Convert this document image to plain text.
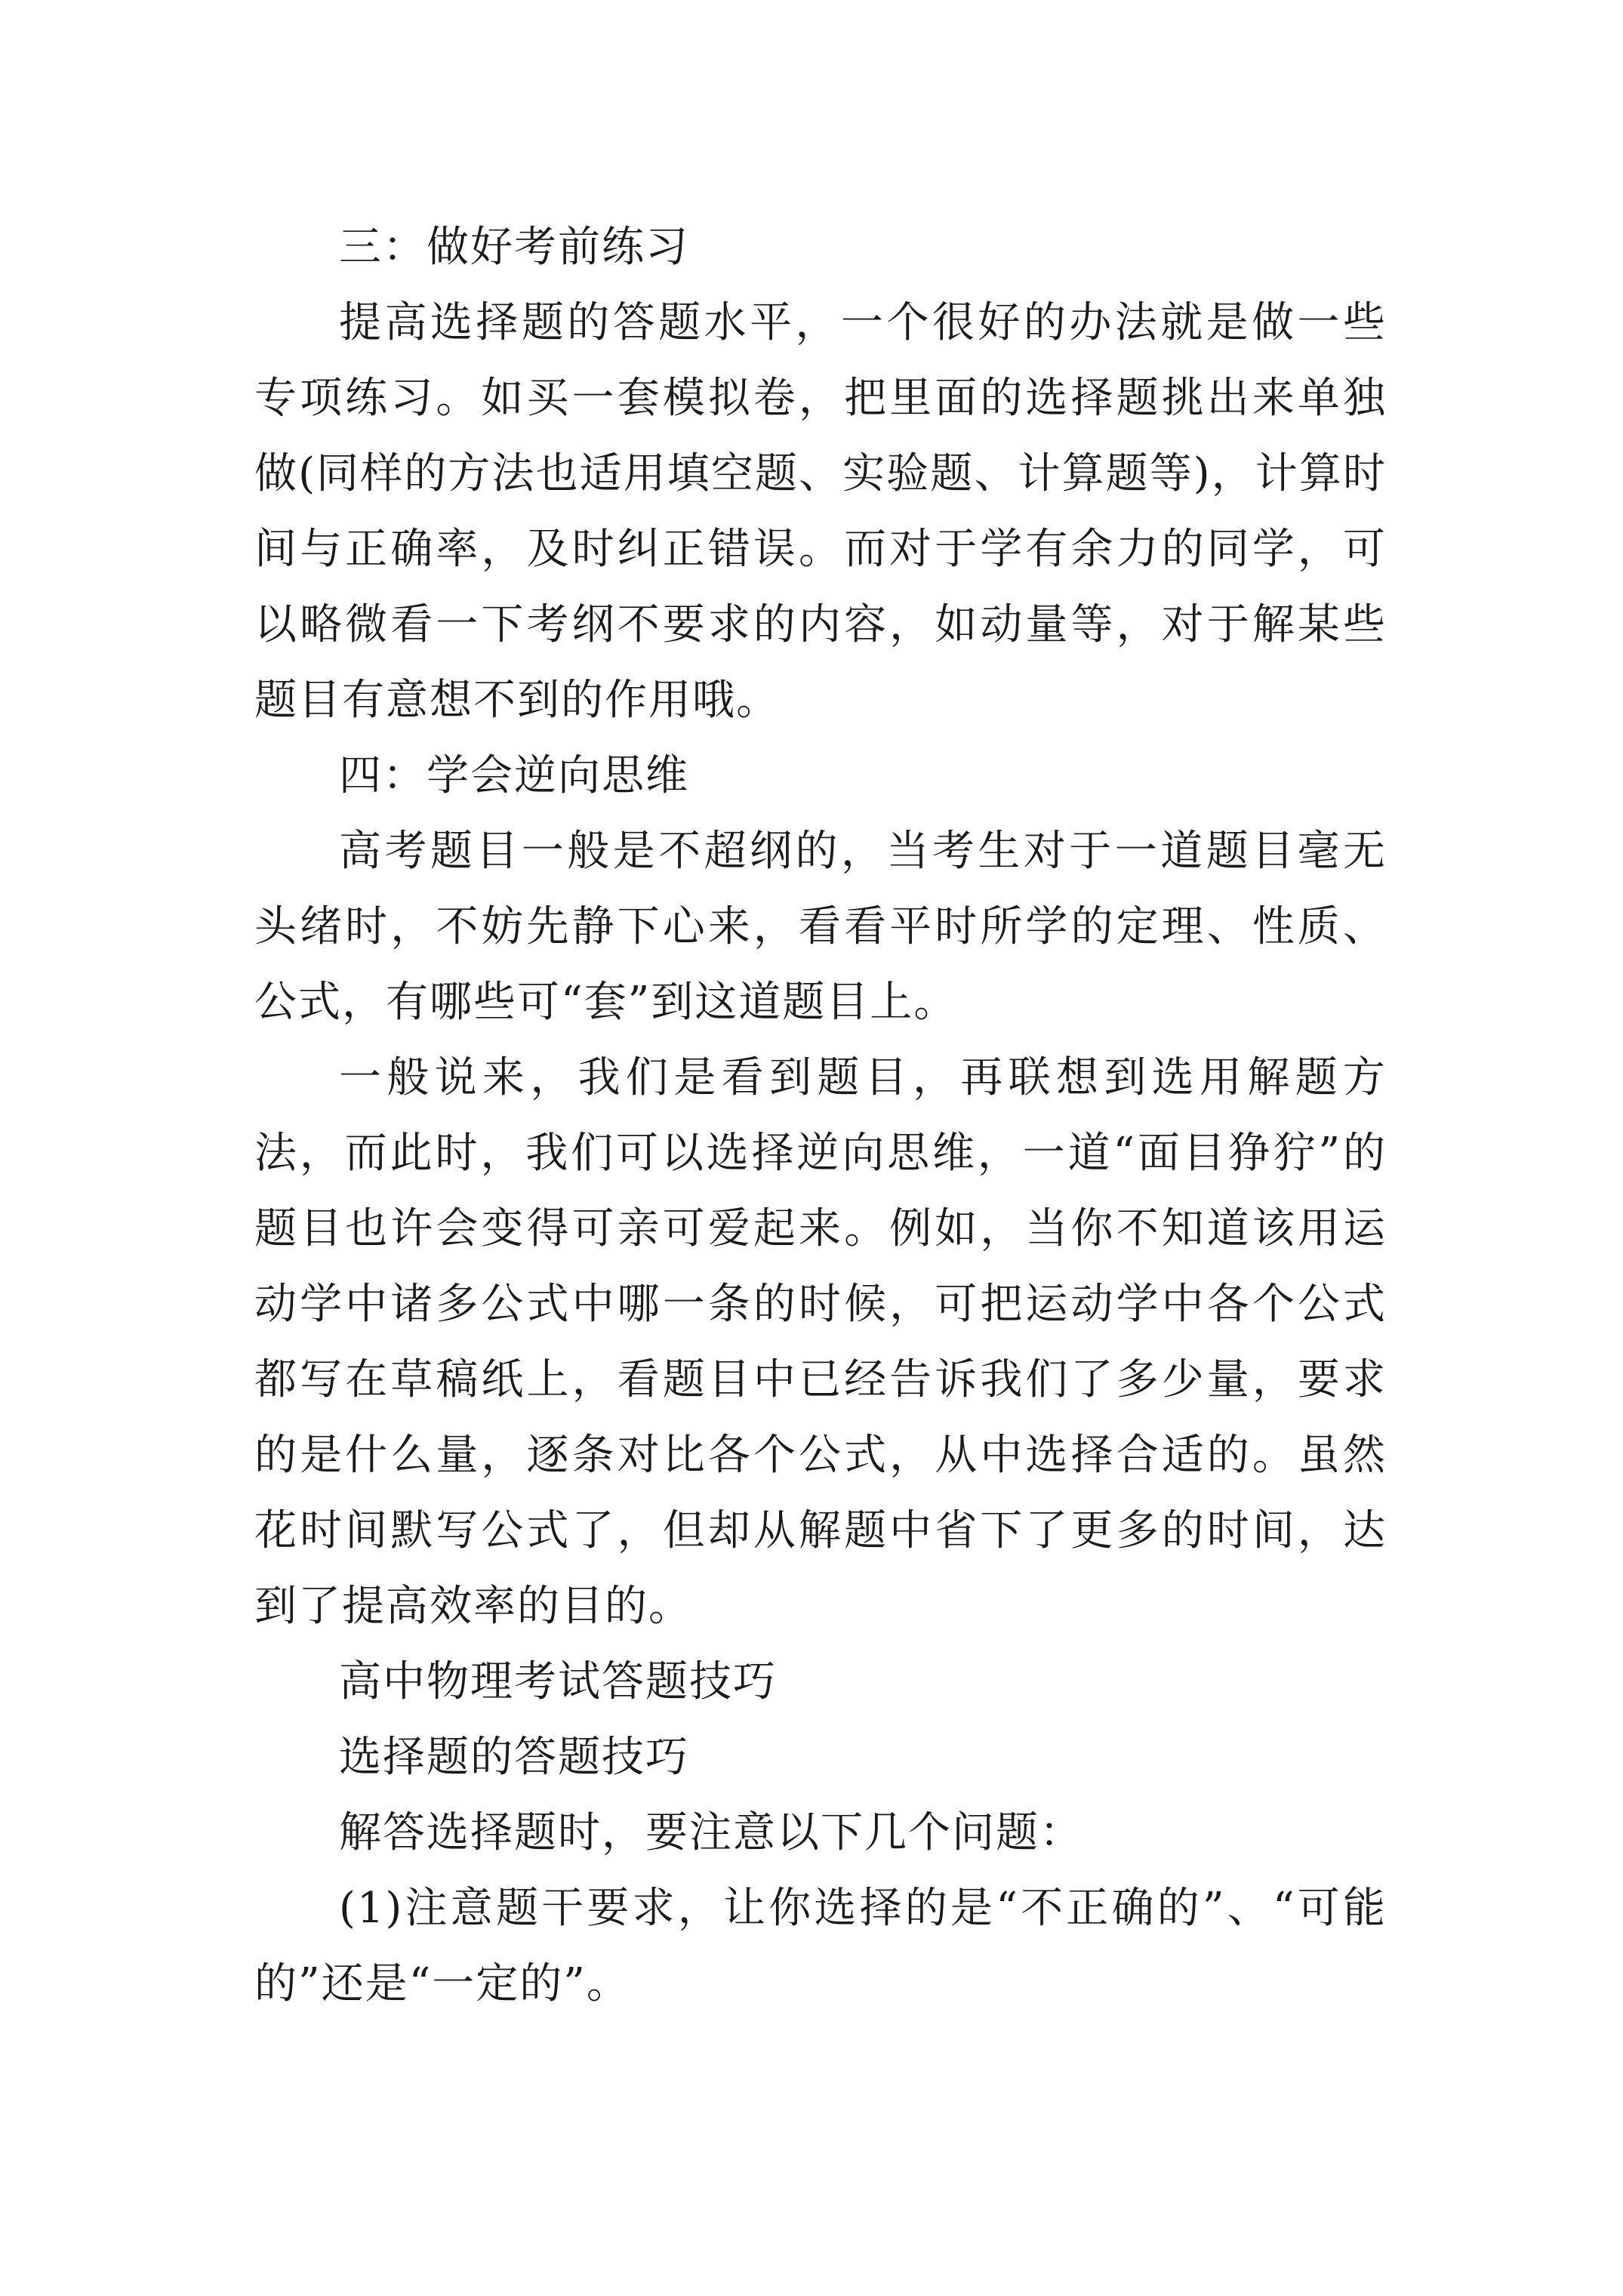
三：做好考前练习

提高选择题的答题水平，一个很好的办法就是做一些专项练习。如买一套模拟卷，把里面的选择题挑出来单独做(同样的方法也适用填空题、实验题、计算题等)，计算时间与正确率，及时纠正错误。而对于学有余力的同学，可以略微看一下考纲不要求的内容，如动量等，对于解某些题目有意想不到的作用哦。

四：学会逆向思维

高考题目一般是不超纲的，当考生对于一道题目毫无头绪时，不妨先静下心来，看看平时所学的定理、性质、公式，有哪些可“套”到这道题目上。

一般说来，我们是看到题目，再联想到选用解题方法，而此时，我们可以选择逆向思维，一道“面目狰狞”的题目也许会变得可亲可爱起来。例如，当你不知道该用运动学中诸多公式中哪一条的时候，可把运动学中各个公式都写在草稿纸上，看题目中已经告诉我们了多少量，要求的是什么量，逐条对比各个公式，从中选择合适的。虽然花时间默写公式了，但却从解题中省下了更多的时间，达到了提高效率的目的。

高中物理考试答题技巧

选择题的答题技巧

解答选择题时，要注意以下几个问题：

(1)注意题干要求，让你选择的是“不正确的”、“可能的”还是“一定的”。
